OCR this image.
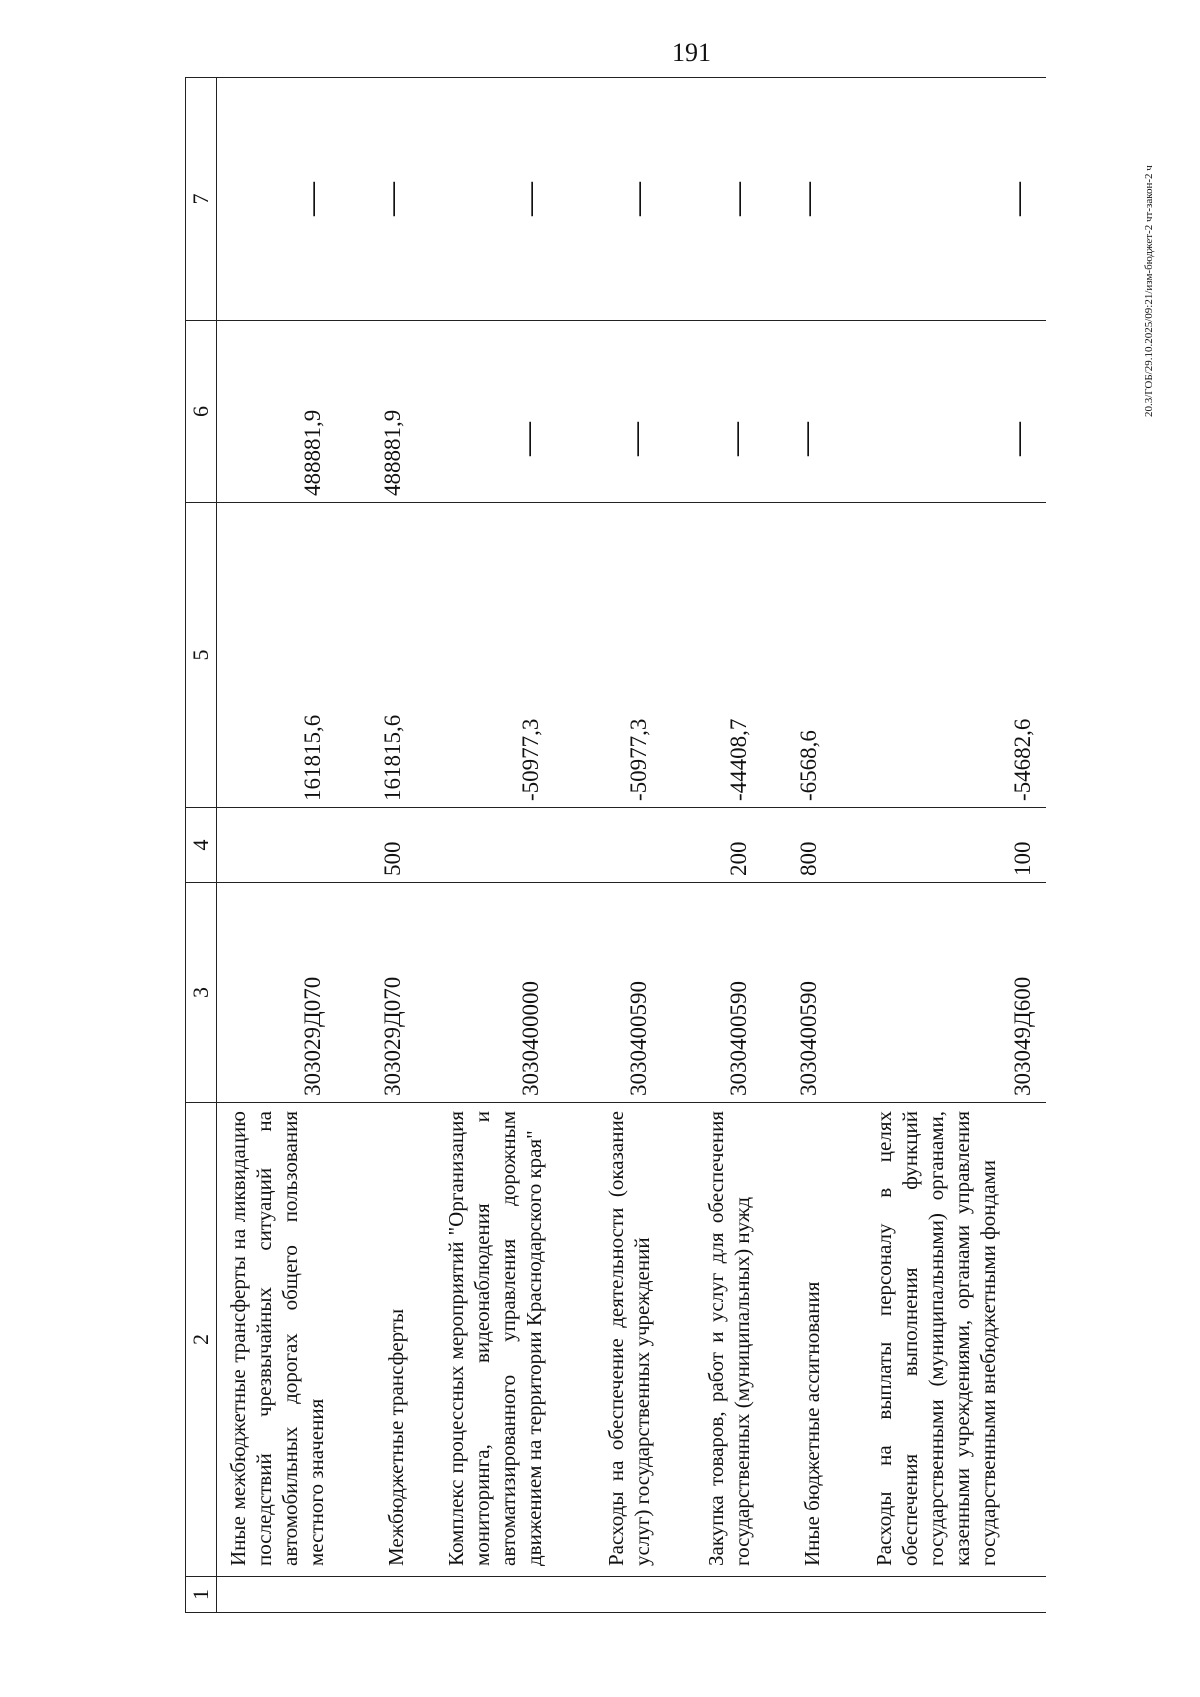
191
20.3/ГОБ/29.10.2025/09:21/изм-бюджет-2 чт-закон-2 ч
1	2	3	4	5	6	7
	Иные межбюджетные трансферты на ликвидацию последствий чрезвычайных ситуаций на автомобильных дорогах общего пользования местного значения	303029Д070		161815,6	488881,9	—
	Межбюджетные трансферты	303029Д070	500	161815,6	488881,9	—
	Комплекс процессных мероприятий "Организация мониторинга, видеонаблюдения и автоматизированного управления дорожным движением на территории Краснодарского края"	3030400000		-50977,3	—	—
	Расходы на обеспечение деятельности (оказание услуг) государственных учреждений	3030400590		-50977,3	—	—
	Закупка товаров, работ и услуг для обеспечения государственных (муниципальных) нужд	3030400590	200	-44408,7	—	—
	Иные бюджетные ассигнования	3030400590	800	-6568,6	—	—
	Расходы на выплаты персоналу в целях обеспечения выполнения функций государственными (муниципальными) органами, казенными учреждениями, органами управления государственными внебюджетными фондами	303049Д600	100	-54682,6	—	—
